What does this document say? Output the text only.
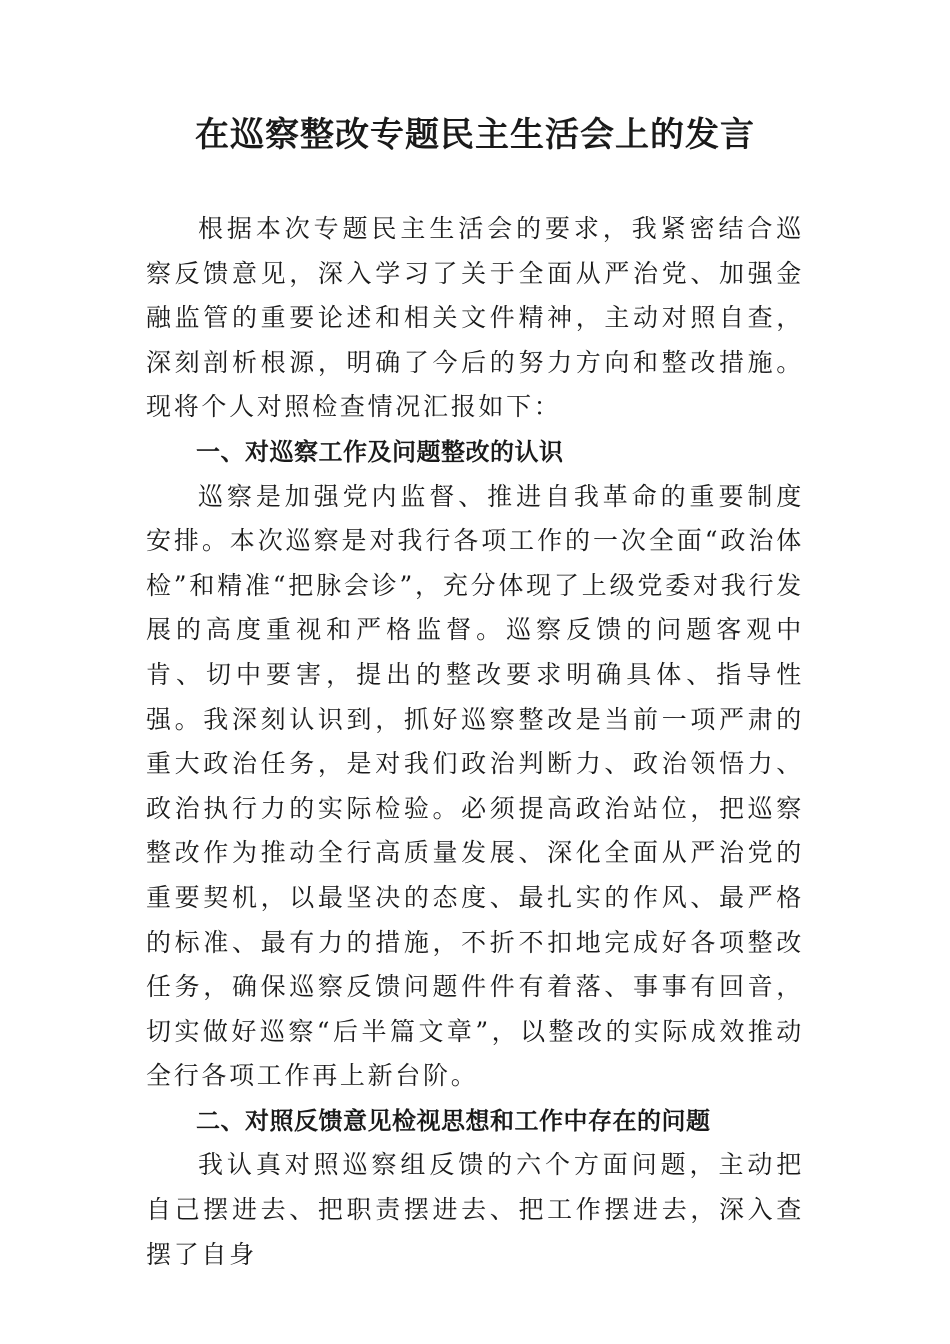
在巡察整改专题民主生活会上的发言

根据本次专题民主生活会的要求，我紧密结合巡察反馈意见，深入学习了关于全面从严治党、加强金融监管的重要论述和相关文件精神，主动对照自查，深刻剖析根源，明确了今后的努力方向和整改措施。现将个人对照检查情况汇报如下：

一、对巡察工作及问题整改的认识

巡察是加强党内监督、推进自我革命的重要制度安排。本次巡察是对我行各项工作的一次全面“政治体检”和精准“把脉会诊”，充分体现了上级党委对我行发展的高度重视和严格监督。巡察反馈的问题客观中肯、切中要害，提出的整改要求明确具体、指导性强。我深刻认识到，抓好巡察整改是当前一项严肃的重大政治任务，是对我们政治判断力、政治领悟力、政治执行力的实际检验。必须提高政治站位，把巡察整改作为推动全行高质量发展、深化全面从严治党的重要契机，以最坚决的态度、最扎实的作风、最严格的标准、最有力的措施，不折不扣地完成好各项整改任务，确保巡察反馈问题件件有着落、事事有回音，切实做好巡察“后半篇文章”，以整改的实际成效推动全行各项工作再上新台阶。

二、对照反馈意见检视思想和工作中存在的问题

我认真对照巡察组反馈的六个方面问题，主动把自己摆进去、把职责摆进去、把工作摆进去，深入查摆了自身
